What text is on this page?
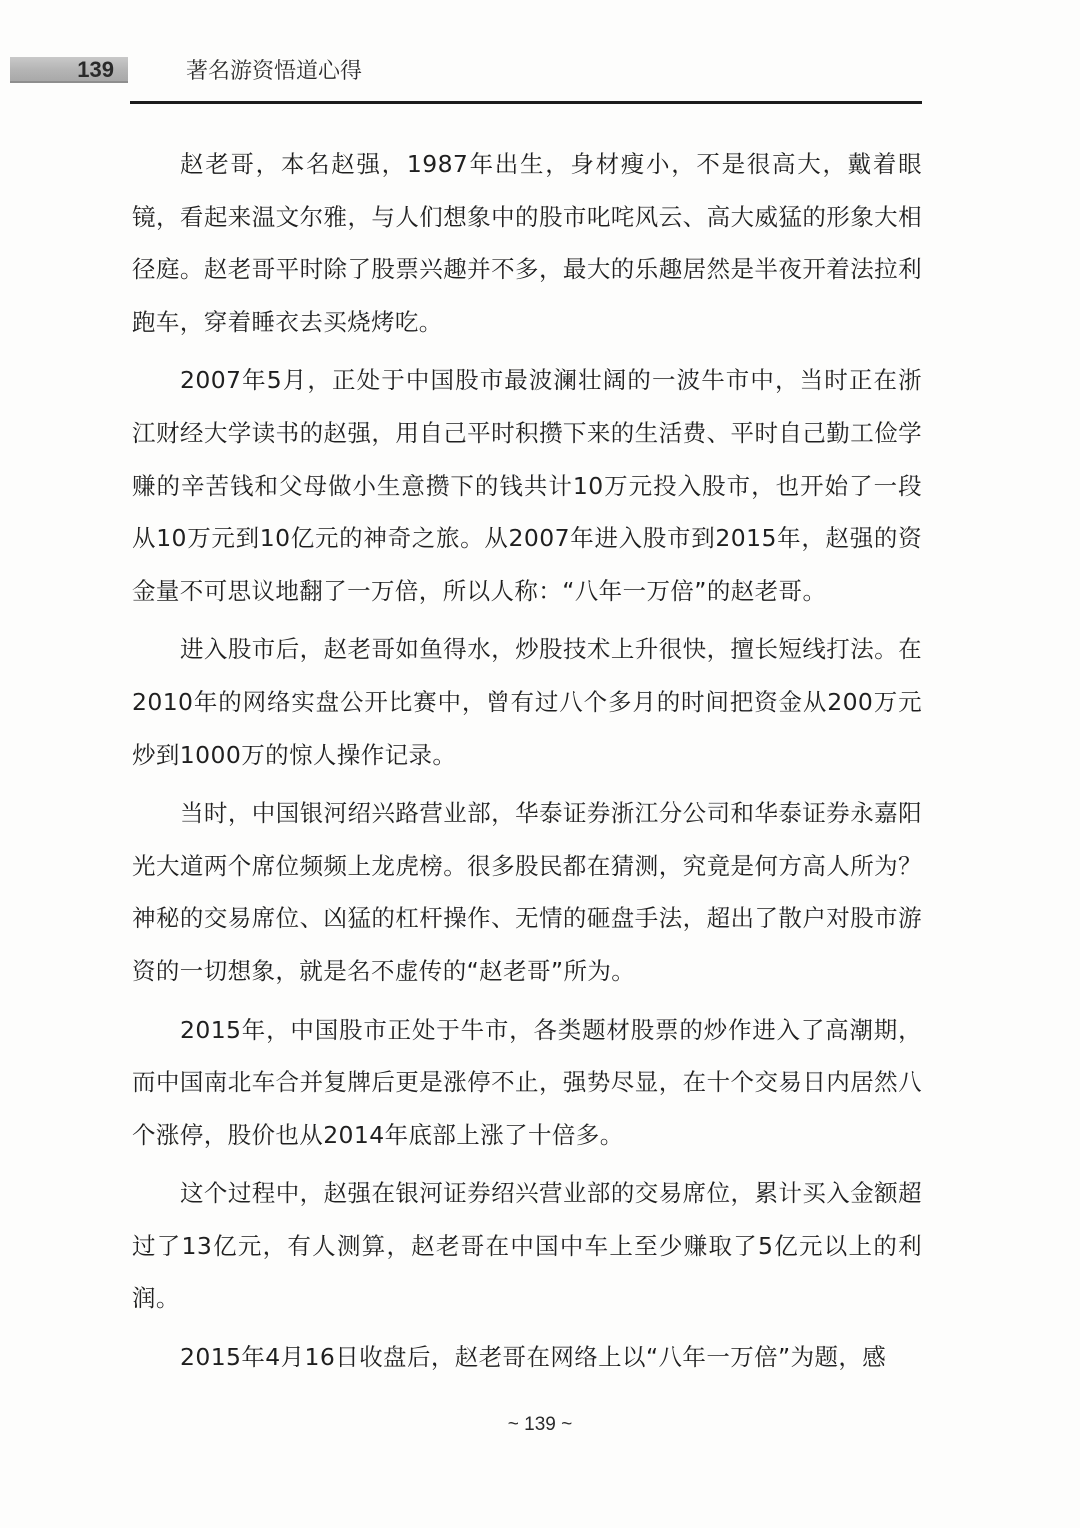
139	著名游资悟道心得

赵老哥，本名赵强，1987年出生，身材瘦小，不是很高大，戴着眼镜，看起来温文尔雅，与人们想象中的股市叱咤风云、高大威猛的形象大相径庭。赵老哥平时除了股票兴趣并不多，最大的乐趣居然是半夜开着法拉利跑车，穿着睡衣去买烧烤吃。

2007年5月，正处于中国股市最波澜壮阔的一波牛市中，当时正在浙江财经大学读书的赵强，用自己平时积攒下来的生活费、平时自己勤工俭学赚的辛苦钱和父母做小生意攒下的钱共计10万元投入股市，也开始了一段从10万元到10亿元的神奇之旅。从2007年进入股市到2015年，赵强的资金量不可思议地翻了一万倍，所以人称：“八年一万倍”的赵老哥。

进入股市后，赵老哥如鱼得水，炒股技术上升很快，擅长短线打法。在2010年的网络实盘公开比赛中，曾有过八个多月的时间把资金从200万元炒到1000万的惊人操作记录。

当时，中国银河绍兴路营业部，华泰证券浙江分公司和华泰证券永嘉阳光大道两个席位频频上龙虎榜。很多股民都在猜测，究竟是何方高人所为？神秘的交易席位、凶猛的杠杆操作、无情的砸盘手法，超出了散户对股市游资的一切想象，就是名不虚传的“赵老哥”所为。

2015年，中国股市正处于牛市，各类题材股票的炒作进入了高潮期，而中国南北车合并复牌后更是涨停不止，强势尽显，在十个交易日内居然八个涨停，股价也从2014年底部上涨了十倍多。

这个过程中，赵强在银河证券绍兴营业部的交易席位，累计买入金额超过了13亿元，有人测算，赵老哥在中国中车上至少赚取了5亿元以上的利润。

2015年4月16日收盘后，赵老哥在网络上以“八年一万倍”为题，感

~ 139 ~
